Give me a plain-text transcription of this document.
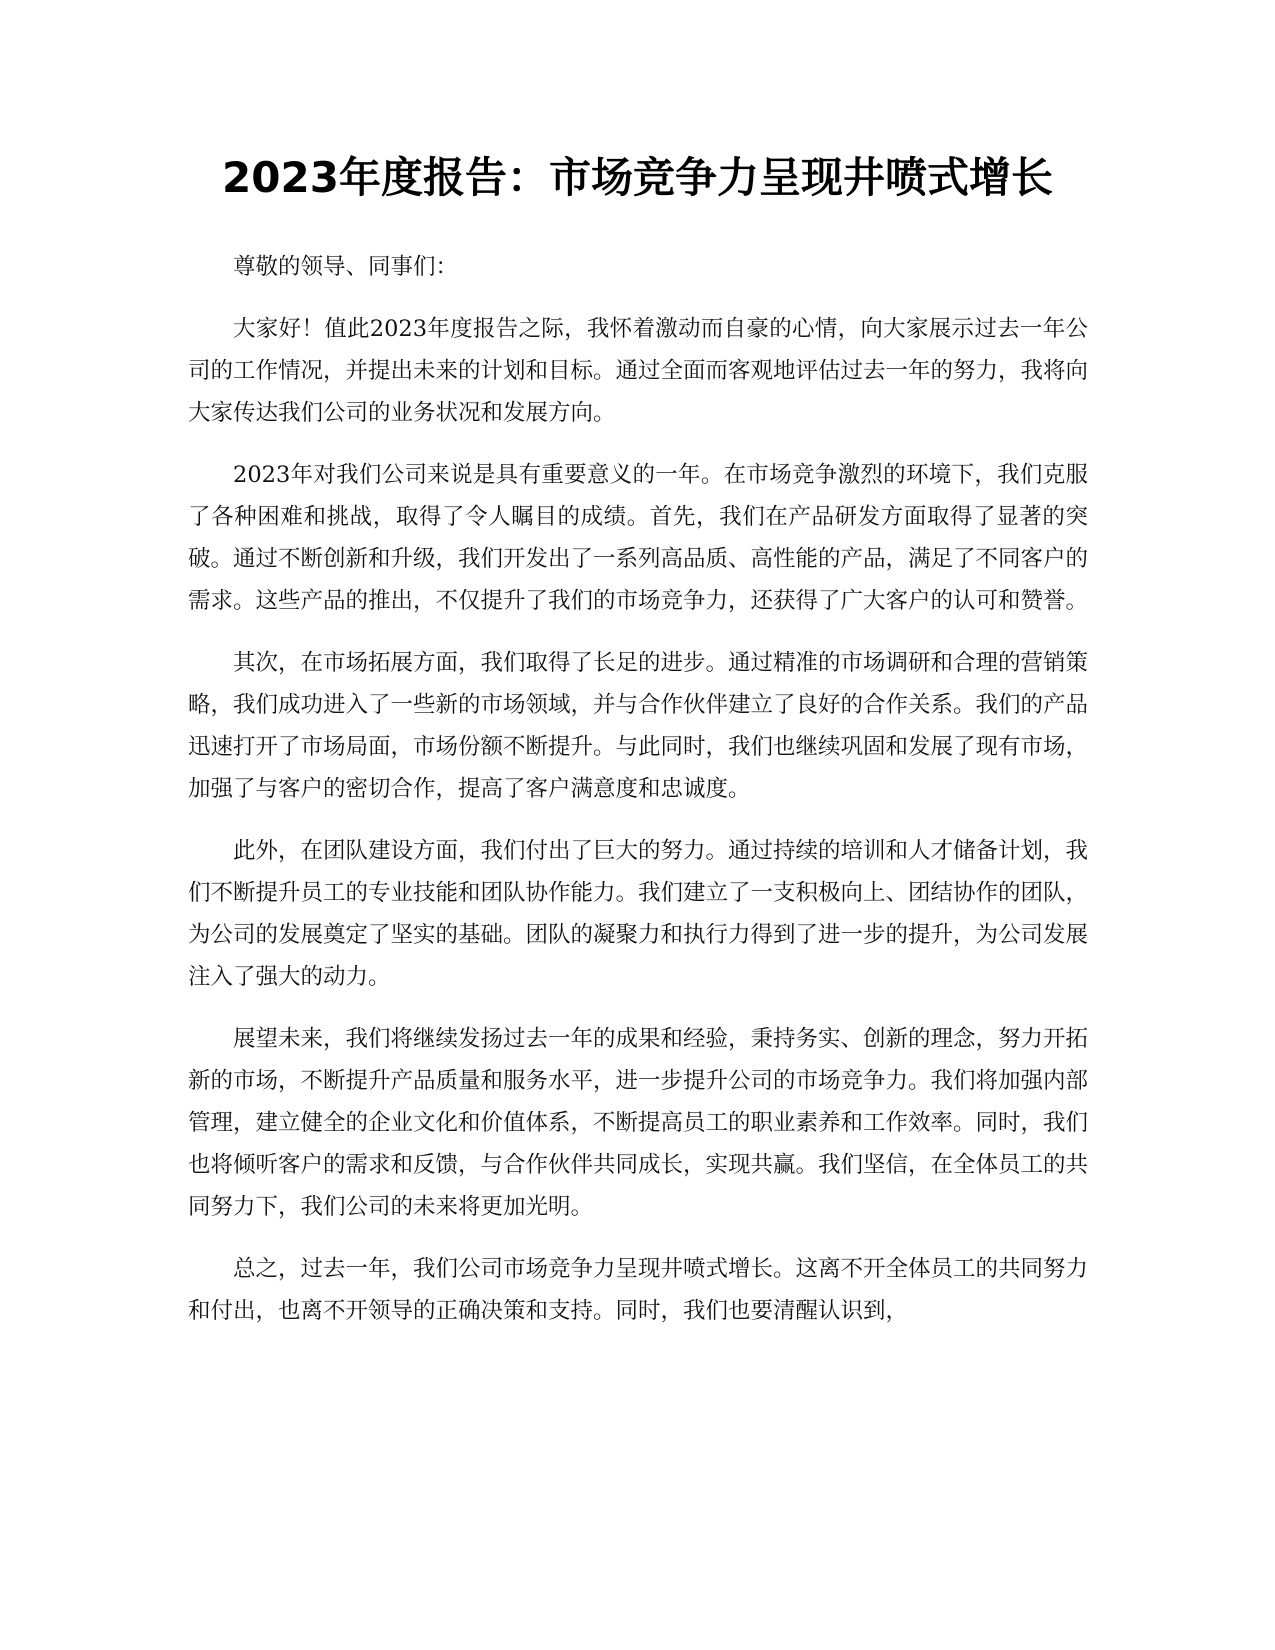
2023年度报告：市场竞争力呈现井喷式增长

尊敬的领导、同事们：

大家好！值此2023年度报告之际，我怀着激动而自豪的心情，向大家展示过去一年公司的工作情况，并提出未来的计划和目标。通过全面而客观地评估过去一年的努力，我将向大家传达我们公司的业务状况和发展方向。

2023年对我们公司来说是具有重要意义的一年。在市场竞争激烈的环境下，我们克服了各种困难和挑战，取得了令人瞩目的成绩。首先，我们在产品研发方面取得了显著的突破。通过不断创新和升级，我们开发出了一系列高品质、高性能的产品，满足了不同客户的需求。这些产品的推出，不仅提升了我们的市场竞争力，还获得了广大客户的认可和赞誉。

其次，在市场拓展方面，我们取得了长足的进步。通过精准的市场调研和合理的营销策略，我们成功进入了一些新的市场领域，并与合作伙伴建立了良好的合作关系。我们的产品迅速打开了市场局面，市场份额不断提升。与此同时，我们也继续巩固和发展了现有市场，加强了与客户的密切合作，提高了客户满意度和忠诚度。

此外，在团队建设方面，我们付出了巨大的努力。通过持续的培训和人才储备计划，我们不断提升员工的专业技能和团队协作能力。我们建立了一支积极向上、团结协作的团队，为公司的发展奠定了坚实的基础。团队的凝聚力和执行力得到了进一步的提升，为公司发展注入了强大的动力。

展望未来，我们将继续发扬过去一年的成果和经验，秉持务实、创新的理念，努力开拓新的市场，不断提升产品质量和服务水平，进一步提升公司的市场竞争力。我们将加强内部管理，建立健全的企业文化和价值体系，不断提高员工的职业素养和工作效率。同时，我们也将倾听客户的需求和反馈，与合作伙伴共同成长，实现共赢。我们坚信，在全体员工的共同努力下，我们公司的未来将更加光明。

总之，过去一年，我们公司市场竞争力呈现井喷式增长。这离不开全体员工的共同努力和付出，也离不开领导的正确决策和支持。同时，我们也要清醒认识到，
